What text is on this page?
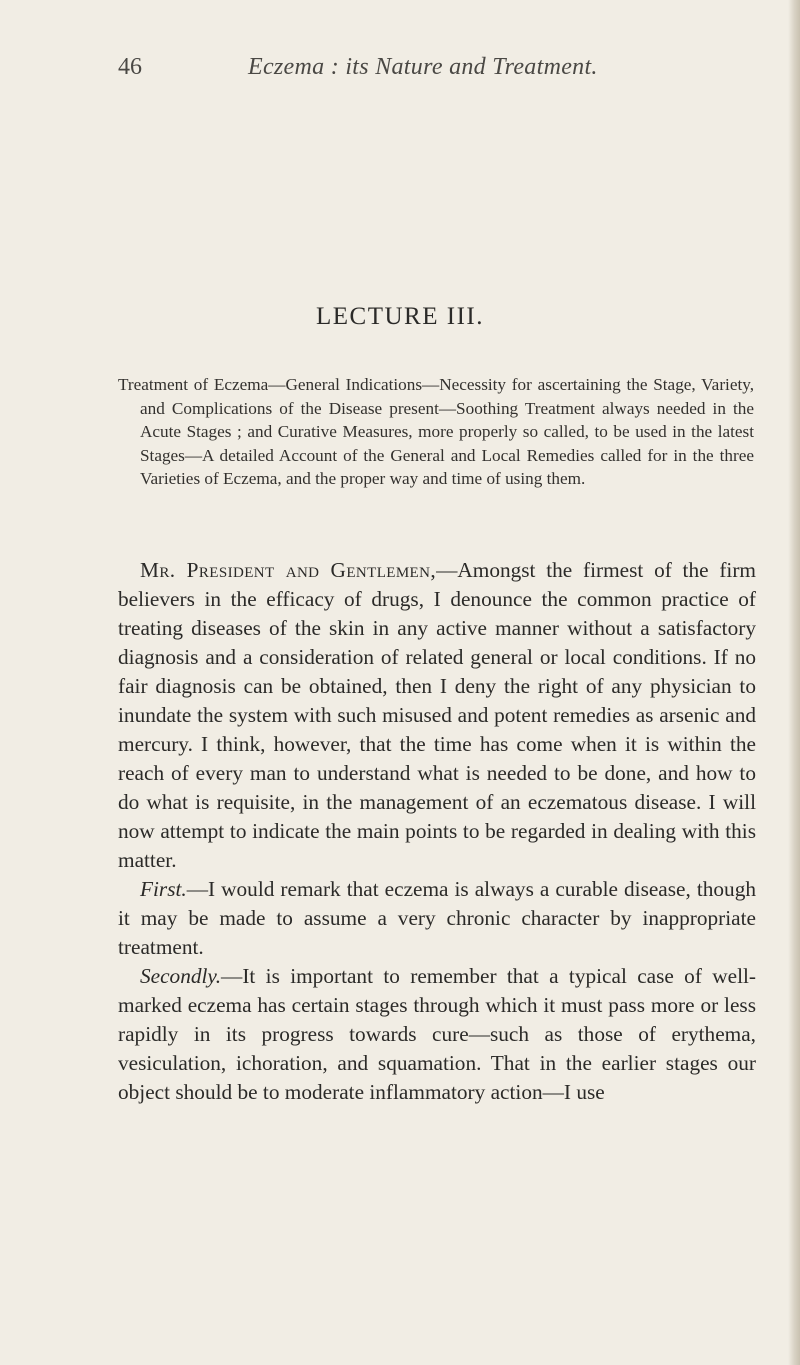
46	Eczema : its Nature and Treatment.
LECTURE III.
Treatment of Eczema—General Indications—Necessity for ascertaining the Stage, Variety, and Complications of the Disease present—Soothing Treatment always needed in the Acute Stages ; and Curative Measures, more properly so called, to be used in the latest Stages—A detailed Account of the General and Local Remedies called for in the three Varieties of Eczema, and the proper way and time of using them.

Mr. President and Gentlemen,—Amongst the firmest of the firm believers in the efficacy of drugs, I denounce the common practice of treating diseases of the skin in any active manner without a satisfactory diagnosis and a consideration of related general or local conditions. If no fair diagnosis can be obtained, then I deny the right of any physician to inundate the system with such misused and potent remedies as arsenic and mercury. I think, however, that the time has come when it is within the reach of every man to understand what is needed to be done, and how to do what is requisite, in the management of an eczematous disease. I will now attempt to indicate the main points to be regarded in dealing with this matter.

First.—I would remark that eczema is always a curable disease, though it may be made to assume a very chronic character by inappropriate treatment.

Secondly.—It is important to remember that a typical case of well-marked eczema has certain stages through which it must pass more or less rapidly in its progress towards cure—such as those of erythema, vesiculation, ichoration, and squamation. That in the earlier stages our object should be to moderate inflammatory action—I use
